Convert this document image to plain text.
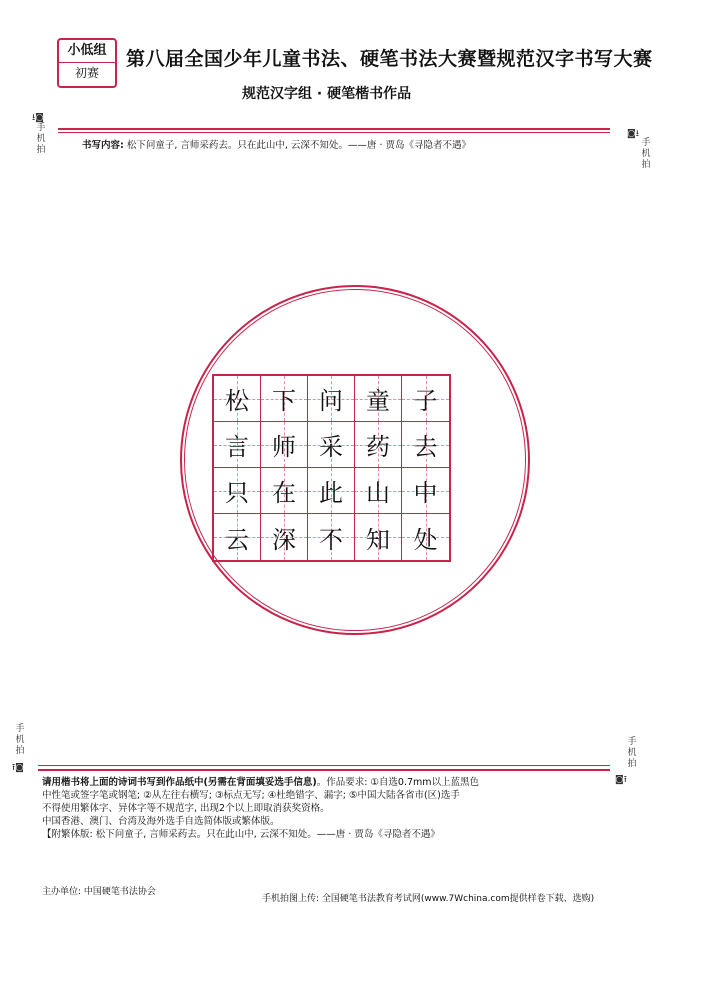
小低组
初赛
第八届全国少年儿童书法、硬笔书法大赛暨规范汉字书写大赛
规范汉字组 · 硬笔楷书作品
⭳◙
手机拍
◙⭳
手机拍
书写内容: 松下问童子, 言师采药去。只在此山中, 云深不知处。——唐 · 贾岛《寻隐者不遇》
松 下 问 童 子
言 师 采 药 去
只 在 此 山 中
云 深 不 知 处
手机拍
⭱◙
手机拍
◙⭱
请用楷书将上面的诗词书写到作品纸中(另需在背面填妥选手信息)。作品要求: ①自选0.7mm以上蓝黑色
中性笔或签字笔或钢笔; ②从左往右横写; ③标点无写; ④杜绝错字、漏字; ⑤中国大陆各省市(区)选手
不得使用繁体字、异体字等不规范字, 出现2个以上即取消获奖资格。
中国香港、澳门、台湾及海外选手自选简体版或繁体版。
【附繁体版: 松下问童子, 言师采药去。只在此山中, 云深不知处。——唐 · 贾岛《寻隐者不遇》
主办单位: 中国硬笔书法协会
手机拍图上传: 全国硬笔书法教育考试网(www.7Wchina.com提供样卷下载、选购)
